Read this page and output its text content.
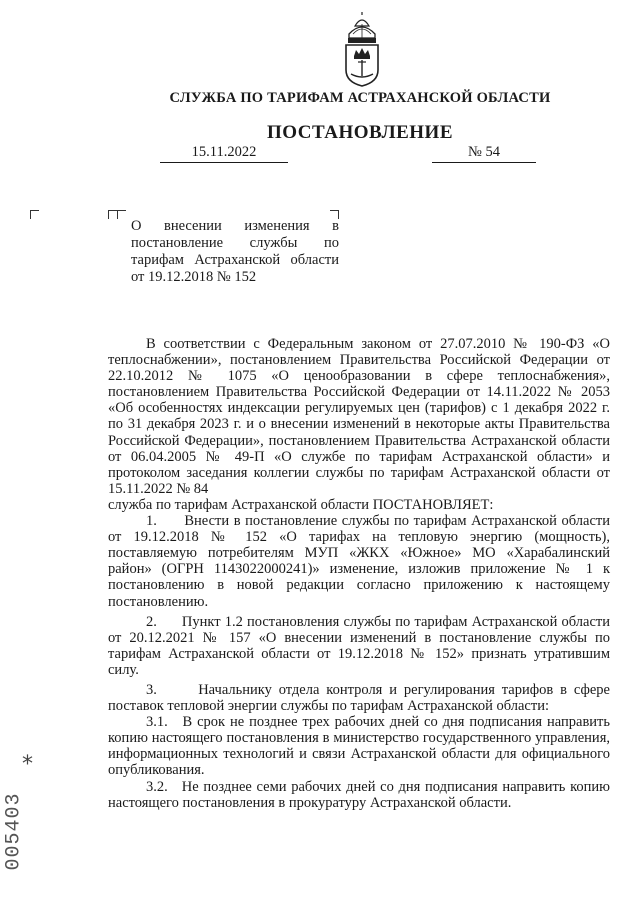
СЛУЖБА ПО ТАРИФАМ АСТРАХАНСКОЙ ОБЛАСТИ
ПОСТАНОВЛЕНИЕ
15.11.2022	№ 54
О внесении изменения в постановление службы по тарифам Астраханской области от 19.12.2018 № 152

В соответствии с Федеральным законом от 27.07.2010 № 190-ФЗ «О теплоснабжении», постановлением Правительства Российской Федерации от 22.10.2012 № 1075 «О ценообразовании в сфере теплоснабжения», постановлением Правительства Российской Федерации от 14.11.2022 № 2053 «Об особенностях индексации регулируемых цен (тарифов) с 1 декабря 2022 г. по 31 декабря 2023 г. и о внесении изменений в некоторые акты Правительства Российской Федерации», постановлением Правительства Астраханской области от 06.04.2005 № 49-П «О службе по тарифам Астраханской области» и протоколом заседания коллегии службы по тарифам Астраханской области от 15.11.2022 № 84

служба по тарифам Астраханской области ПОСТАНОВЛЯЕТ:

1.      Внести в постановление службы по тарифам Астраханской области от 19.12.2018 № 152 «О тарифах на тепловую энергию (мощность), поставляемую потребителям МУП «ЖКХ «Южное» МО «Харабалинский район» (ОГРН 1143022000241)» изменение, изложив приложение № 1 к постановлению в новой редакции согласно приложению к настоящему постановлению.

2.      Пункт 1.2 постановления службы по тарифам Астраханской области от 20.12.2021 № 157 «О внесении изменений в постановление службы по тарифам Астраханской области от 19.12.2018 № 152» признать утратившим силу.

3.      Начальнику отдела контроля и регулирования тарифов в сфере поставок тепловой энергии службы по тарифам Астраханской области:

3.1.   В срок не позднее трех рабочих дней со дня подписания направить копию настоящего постановления в министерство государственного управления, информационных технологий и связи Астраханской области для официального опубликования.

3.2.   Не позднее семи рабочих дней со дня подписания направить копию настоящего постановления в прокуратуру Астраханской области.

*
005403
